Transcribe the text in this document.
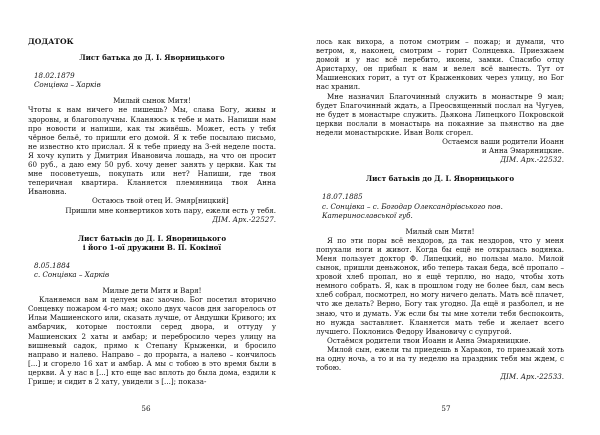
ДОДАТОК

Лист батька до Д. І. Яворницького

18.02.1879

Сонцівка – Харків

Милый сынок Митя!

Чтоты к нам ничего не пишешь? Мы, слава Богу, живы и здоровы, и благополучны. Кланяюсь к тебе и мать. Напиши нам про новости и напиши, как ты живёшь. Может, есть у тебя чёрное бельё, то пришли его домой. Я к тебе посылаю письмо, не известно кто прислал. Я к тебе приеду на 3-ей неделе поста. Я хочу купить у Дмитрия Ивановича лошадь, на что он просит 60 руб., а даю ему 50 руб. хочу денег занять у церкви. Как ты мне посоветуешь, покупать или нет? Напиши, где твоя теперичная квартира. Кланяется племянница твоя Анна Ивановна.

Остаюсь твой отец И. Эмяр[ницкий]

Пришли мне конвертиков хоть пару, ежели есть у тебя.

ДІМ. Арх.-22527.

Лист батьків до Д. І. Яворницького

і його 1-ої дружини В. П. Кокіної

8.05.1884

с. Сонцівка – Харків

Милые дети Митя и Варя!

Кланяемся вам и целуем вас заочно. Бог посетил вторично Сонцевку пожаром 4-го мая; около двух часов дня загорелось от Ильи Машиенского или, сказать лучше, от Андушки Кривого; их амбарчик, которые постояли серед двора, и оттуду у Машиенских 2 хаты и амбар; и перебросило через улицу на вишневый садок, прямо к Степану Крыженки, и бросило направо и налево. Направо – до прорыта, а налево – кончилось [...] и сгорело 16 хат и амбар. А мы с тобою в это время были в церкви. А у нас в [...] кто еще вас вплоть до была дома, ездили к Грише; и сидит в 2 хату, увидели з [...]; показа-

56

лось как вихора, а потом смотрим – пожар; и думали, что ветром, я, наконец, смотрим – горит Солнцевка. Приезжаем домой и у нас всё перебито, иконы, замки. Спасибо отцу Аристарху, он прибыл к нам и велел всё вынесть. Тут от Машиенских горит, а тут от Крыженкових через улицу, но Бог нас хранил.

Мне назначил Благочинный служить в монастыре 9 мая; будет Благочинный ждать, а Преосвященный послал на Чугуев, не будет в монастыре служить. Дьякона Липецкого Покровской церкви послали в монастырь на покаяние за пьянство на две недели монастырские. Иван Волк сгорел.

Остаемся ваши родители Иоанн

и Анна Эмаряницкие.

ДІМ. Арх.-22532.

Лист батьків до Д. І. Яворницького

18.07.1885

с. Сонцівка – с. Богодар Олександрівського пов.

Катеринославської губ.

Милый сын Митя!

Я по эти поры всё нездоров, да так нездоров, что у меня попухали ноги и живот. Когда бы ещё не открылась водянка. Меня пользует доктор Ф. Липецкий, но пользы мало. Милой сынок, пришли деньжонок, ибо теперь такая беда, всё пропало – хровой хлеб пропал, но я ещё терплю, но надо, чтобы хоть немного собрать. Я, как в прошлом году не более был, сам весь хлеб собрал, посмотрел, но могу ничего делать. Мать всё плачет, что же делать? Верно, Богу так угодно. Да ещё я разболел, и не знаю, что и думать. Уж если бы ты мне хотели тебя беспокоить, но нужда заставляет. Кланяется мать тебе и желает всего лучшего. Поклонись Федору Ивановичу с супругой.

Остаёмся родители твои Иоанн и Анна Эмаряницкие.

Милой сын, ежели ты приедешь в Харьков, то приезжай хоть на одну ночь, а то и на ту неделю на праздник тебя мы ждем, с тобою.

ДІМ. Арх.-22533.

57
